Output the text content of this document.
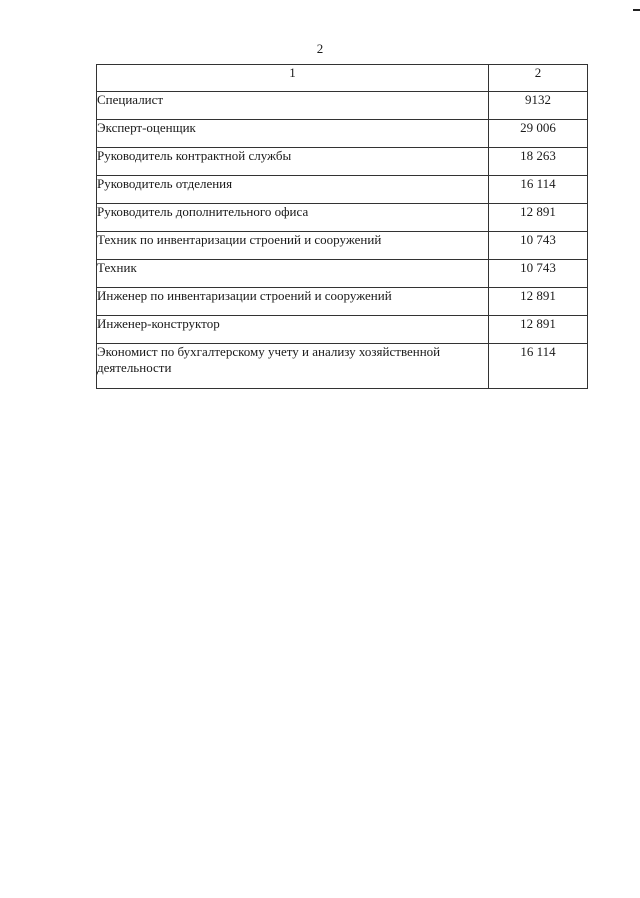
2
1	2
Специалист	9132
Эксперт-оценщик	29 006
Руководитель контрактной службы	18 263
Руководитель отделения	16 114
Руководитель дополнительного офиса	12 891
Техник по инвентаризации строений и сооружений	10 743
Техник	10 743
Инженер по инвентаризации строений и сооружений	12 891
Инженер-конструктор	12 891
Экономист по бухгалтерскому учету и анализу хозяйственной деятельности	16 114
